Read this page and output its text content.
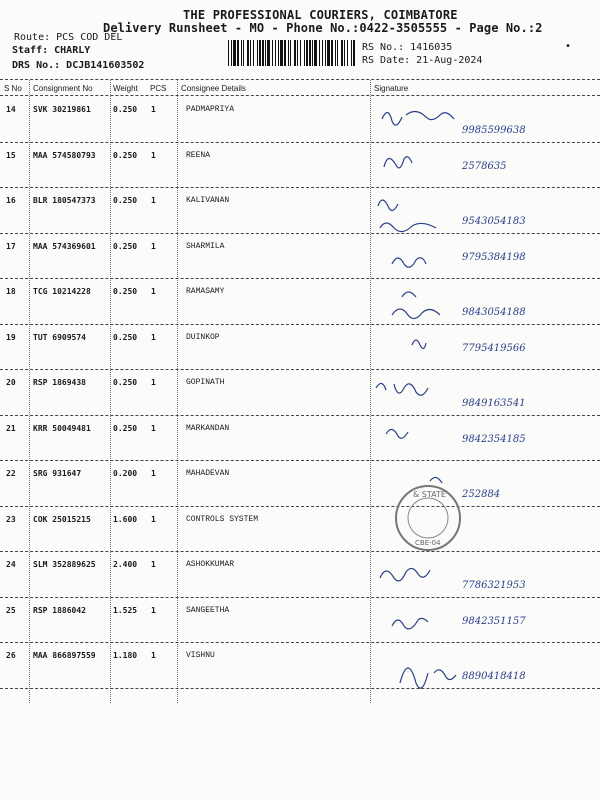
THE PROFESSIONAL COURIERS, COIMBATORE
Delivery Runsheet - MO - Phone No.:0422-3505555 - Page No.:2
Route: PCS COD DEL
Staff: CHARLY
DRS No.: DCJB141603502
RS No.: 1416035
RS Date: 21-Aug-2024
•
S No Consignment No	Weight PCS Consignee Details	Signature
14 SVK 30219861	0.250 1	PADMAPRIYA
9985599638
15 MAA 574580793 0.250 1	REENA
2578635
16 BLR 180547373 0.250 1	KALIVANAN
9543054183
17 MAA 574369601 0.250 1	SHARMILA
9795384198
18 TCG 10214228	0.250 1	RAMASAMY
9843054188
19 TUT 6909574	0.250 1	DUINKOP
7795419566
20 RSP 1869438	0.250 1	GOPINATH
9849163541
21 KRR 50049481	0.250 1	MARKANDAN
9842354185
22 SRG 931647	0.200 1	MAHADEVAN
252884
23 COK 25015215	1.600 1	CONTROLS SYSTEM
24 SLM 352889625 2.400 1	ASHOKKUMAR
7786321953
25 RSP 1886042	1.525 1	SANGEETHA
9842351157
26 MAA 866897559 1.180 1	VISHNU
8890418418
& STATE
CBE-04
